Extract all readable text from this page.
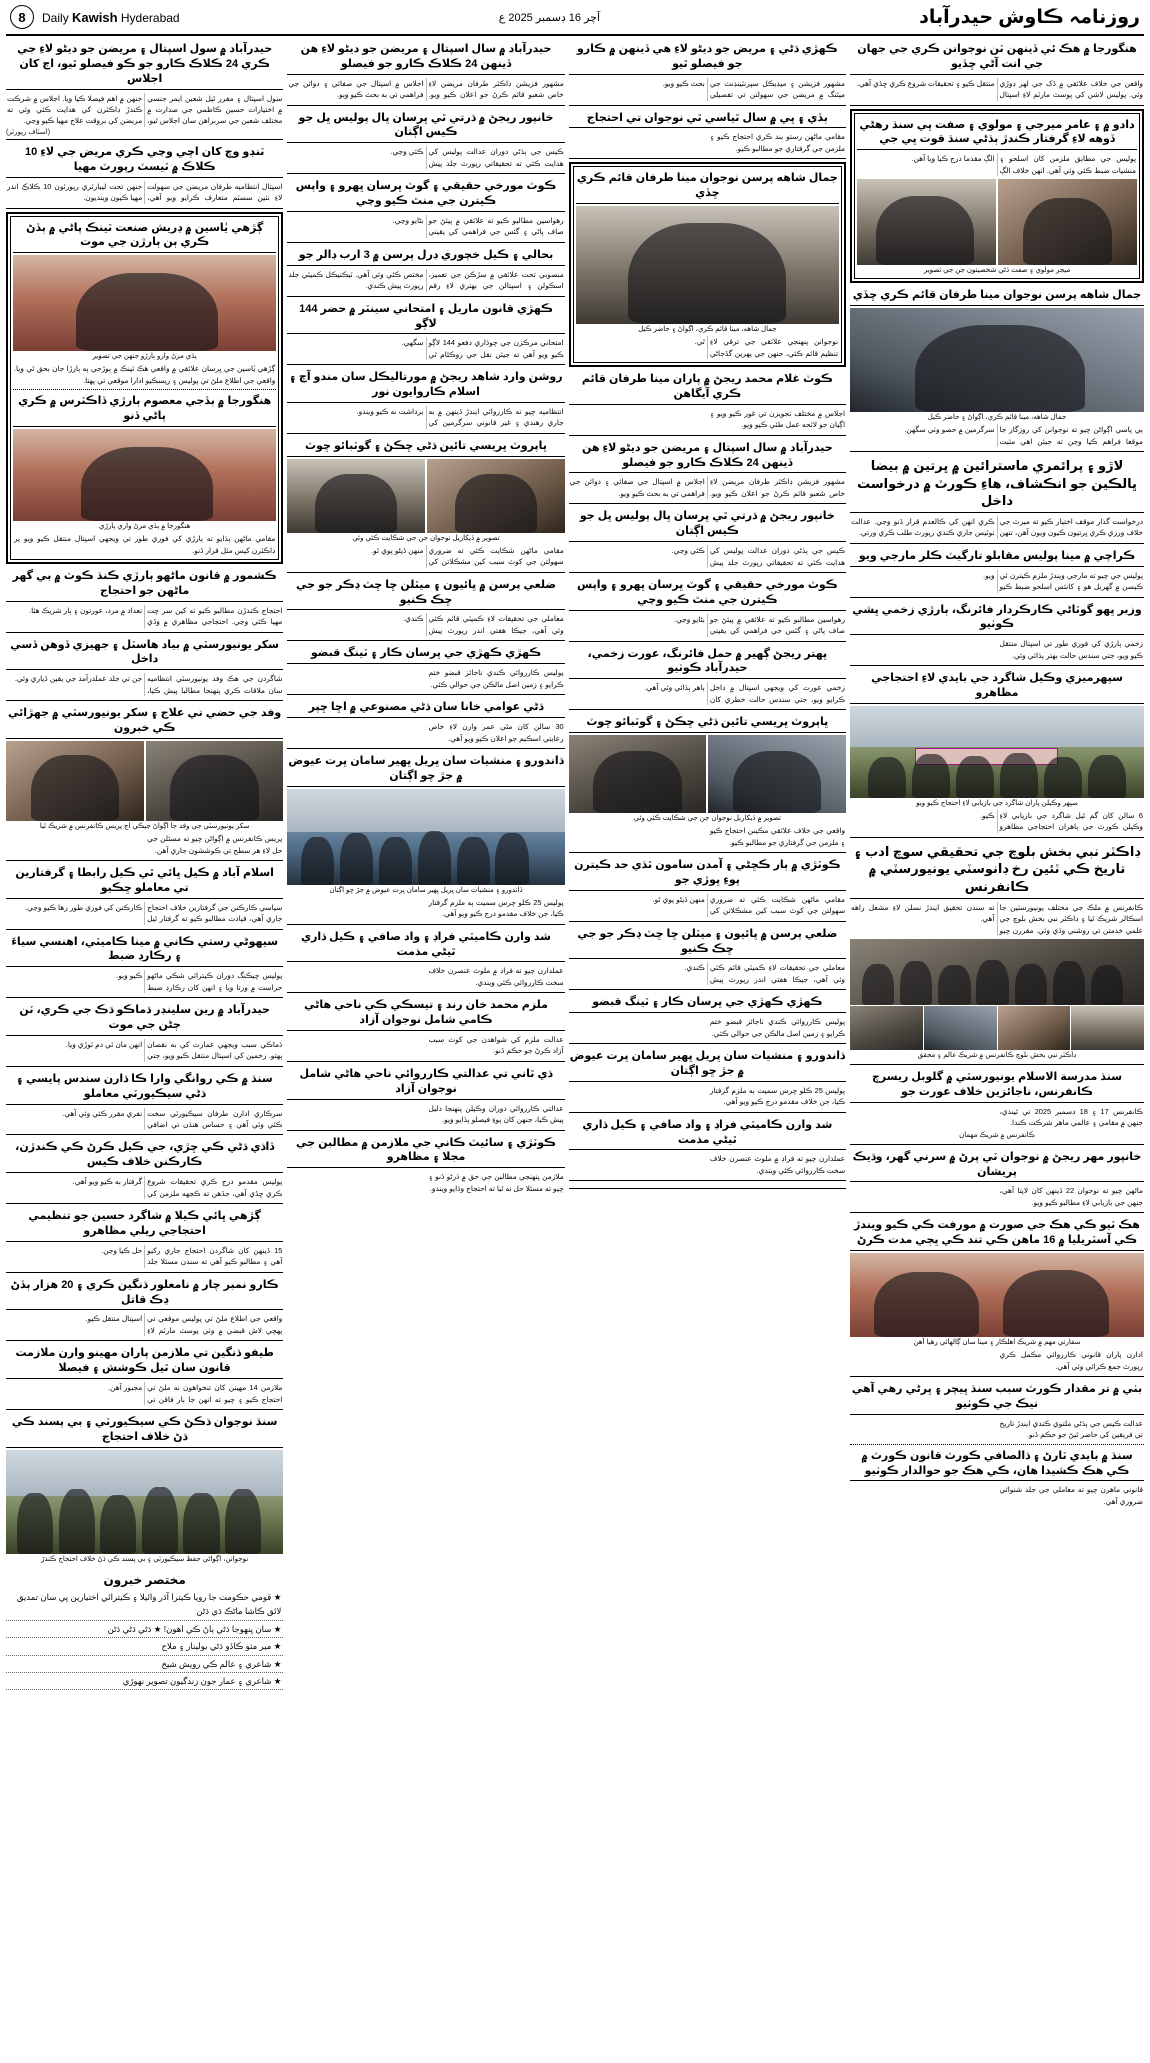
روزنامہ ڪاوش حيدرآباد
آچر 16 ڊسمبر 2025 ع
Daily Kawish Hyderabad
8
هنگورجا ۾ هڪ ئي ڏينهن ٽن نوجوانن ڪري جي جهان جي انت آڻي ڇڏيو
واقعن جي خلاف علائقي ۾ ڏک جي لهر ڊوڙي وئي. پوليس لاشن کي پوسٽ مارٽم لاءِ اسپتال منتقل ڪيو ۽ تحقيقات شروع ڪري ڇڏي آهي.
دادو ۾ ۽ عامر ميرجي ۽ مولوي ۽ صفت ڀي سنڌ رهڻي ڏوهه لاءِ گرفتار ڪندڙ ٻڌڻي سنڌ قوت ڀي جي
پوليس جي مطابق ملزمن کان اسلحو ۽ منشيات ضبط ڪئي وئي آهي. انهن خلاف الڳ الڳ مقدما درج ڪيا ويا آهن.
ميجر مولوي ۽ صفت ڌڻي شخصيتون جن جي تصوير
جمال شاهه پرسن نوجوان مينا طرفان قائم ڪري ڇڏي
جمال شاهه، مينا قائم ڪري، اڳواڻ ۽ حاضر ڪيل
ٻي پاسي اڳواڻن چيو ته نوجوانن کي روزگار جا موقعا فراهم ڪيا وڃن ته جيئن اهي مثبت سرگرمين ۾ حصو وٺي سگهن.
لاڙو ۽ پرائمري ماسترائين ۾ ڀرتين ۾ بيضا ڀالڪين جو انڪشاف، هاءِ ڪورٽ ۾ درخواست داخل
درخواست گذار موقف اختيار ڪيو ته ميرٽ جي خلاف ورزي ڪري ڀرتيون ڪيون ويون آهن، تنهن ڪري انهن کي ڪالعدم قرار ڏنو وڃي. عدالت نوٽيس جاري ڪندي رپورٽ طلب ڪري ورتي.
ڪراچي ۾ مينا پوليس مقابلو تارگيٽ ڪلر مارجي ويو
پوليس جي چيو ته مارجي ويندڙ ملزم ڪيترن ئي ڪيسن ۾ گهربل هو ۽ کانئس اسلحو ضبط ڪيو ويو.
وزير ڀهو گوٽاڻي ڪارڪردار فائرنگ، ٻارڙي زخمي ڀشي ڪوٺيو
زخمي ٻارڙي کي فوري طور تي اسپتال منتقل ڪيو ويو، جتي سندس حالت بهتر ٻڌائي وئي.
سپهرميزي وڪيل شاگرد جي بايدي لاءِ احتجاجي مظاهرو
سپهر وڪيلن پاران شاگرد جي بازيابي لاءِ احتجاج ڪيو ويو
6 سالن کان گم ٿيل شاگرد جي بازيابي لاءِ وڪيلن ڪورٽ جي ٻاهران احتجاجي مظاهرو ڪيو.
ڊاڪٽر نبي بخش بلوچ جي تحقيقي سوچ ادب ۽ تاريخ ڪي ٽئين رخ ڊانوسٽي يونيورسٽي ۾ ڪانفرنس
ڪانفرنس ۾ ملڪ جي مختلف يونيورسٽين جا اسڪالر شريڪ ٿيا ۽ ڊاڪٽر نبي بخش بلوچ جي علمي خدمتن تي روشني وڌي وئي. مقررن چيو ته سندن تحقيق ايندڙ نسلن لاءِ مشعل راهه آهي.
ڊاڪٽر نبي بخش بلوچ ڪانفرنس ۾ شريڪ عالم ۽ محقق
سنڌ مدرسة الاسلام يونيورسٽي ۾ گلوبل ريسرچ ڪانفرنس، ناجائزين خلاف عورت جو
ڪانفرنس 17 ۽ 18 ڊسمبر 2025 تي ٿيندي، جنهن ۾ مقامي ۽ عالمي ماهر شرڪت ڪندا.
ڪانفرنس ۾ شريڪ مهمان
خانپور مهر ريجڻ ۾ نوجوان ٽي پرڻ ۾ سرني گهر، وڌيڪ پريشان
ماڻهن چيو ته نوجوان 22 ڏينهن کان لاپتا آهي، جنهن جي بازيابي لاءِ مطالبو ڪيو ويو.
هڪ ٽيو ڪي هڪ جي صورت ۾ مورفت ڪي ڪيو ويندڙ ڪي آسٽريليا ۾ 16 ماهن ڪي تند ڪي ڀڄي مدت ڪرڻ
سفارتي مهم ۾ شريڪ اهلڪار ۽ مينا سان ڳالهائي رهيا آهن
ادارن پاران قانوني ڪارروائي مڪمل ڪري رپورٽ جمع ڪرائي وئي آهي.
بٺي ۾ تر مقدار ڪورٽ سبب سنڌ ڀيچر ۽ ڀرڻي رهي آهي نيڪ جي ڪوٺيو
عدالت ڪيس جي ٻڌڻي ملتوي ڪندي ايندڙ تاريخ تي فريقين کي حاضر ٿيڻ جو حڪم ڏنو.
سنڌ ۾ بايدي ٽارڻ ۽ ڌالصافي ڪورٽ قانون ڪورٽ ۾ ڪي هڪ ڪشيدا هان، ڪي هڪ جو حوالدار ڪوٺيو
قانوني ماهرن چيو ته معاملي جي جلد شنوائي ضروري آهي.
ڪهڙي ڌڻي ۽ مريض جو ديڻو لاءِ هي ڏينهن ۾ ڪارو جو فيصلو ٿيو
مشهور فزيشن ۽ ميڊيڪل سپرنٽينڊنٽ جي ميٽنگ ۾ مريضن جي سهولتن تي تفصيلي بحث ڪيو ويو.
ٻڏي ۽ ڀي ۾ سال ٿياسي ٿي نوجوان تي احتجاج
مقامي ماڻهن رستو بند ڪري احتجاج ڪيو ۽ ملزمن جي گرفتاري جو مطالبو ڪيو.
جمال شاهه پرسن نوجوان مينا طرفان قائم ڪري ڇڏي
جمال شاهه، مينا قائم ڪري، اڳواڻ ۽ حاضر ڪيل
نوجوانن پنهنجي علائقي جي ترقي لاءِ تنظيم قائم ڪئي، جنهن جي پهرين گڏجاڻي ٿي.
ڪوٽ غلام محمد ريجڻ ۾ پاران مينا طرفان قائم ڪري آيگاهن
اجلاس ۾ مختلف تجويزن تي غور ڪيو ويو ۽ اڳيان جو لائحه عمل طئي ڪيو ويو.
حيدرآباد ۾ سال اسپتال ۽ مريضن جو ديڻو لاءِ هن ڏينهن 24 ڪلاڪ ڪارو جو فيصلو
مشهور فزيشن ڊاڪٽر طرفان مريضن لاءِ خاص شعبو قائم ڪرڻ جو اعلان ڪيو ويو. اجلاس ۾ اسپتال جي صفائي ۽ دوائن جي فراهمي تي به بحث ڪيو ويو.
خانپور ريجڻ ۾ ڌرتي ٿي ڀرسان ڀال پوليس ڀل جو ڪيس اڳتان
ڪيس جي ٻڌڻي دوران عدالت پوليس کي هدايت ڪئي ته تحقيقاتي رپورٽ جلد پيش ڪئي وڃي.
ڪوٽ مورخي حقيقي ۽ گوٽ ڀرسان ڀهرو ۽ واپس ڪيترن جي منٿ ڪيو وڃي
رهواسين مطالبو ڪيو ته علائقي ۾ پيئڻ جو صاف پاڻي ۽ گئس جي فراهمي کي يقيني بڻايو وڃي.
ڀهتر ريجڻ ڳهير ۾ حمل فائرنگ، عورت زخمي، حيدرآباد ڪوٺيو
زخمي عورت کي ويجهي اسپتال ۾ داخل ڪرايو ويو، جتي سندس حالت خطري کان ٻاهر ٻڌائي وئي آهي.
ڀاپروٽ ڀريسي تائين ڌڻي ڇڪڻ ۽ گوٽبائو ڇوٽ
تصوير ۾ ڏيکاريل نوجوان جن جي شڪايت ڪئي وئي
واقعي جي خلاف علائقي مڪينن احتجاج ڪيو ۽ ملزمن جي گرفتاري جو مطالبو ڪيو.
ڪوٽڙي ۾ ٻار ڪڇڻي ۽ آمدن سامون ٿڌي حد ڪيترن پوءِ ڀوڙي جو
مقامي ماڻهن شڪايت ڪئي ته ضروري سهولتن جي کوٽ سبب کين مشڪلاتن کي منهن ڏيڻو پوي ٿو.
ضلعي پرسن ۾ ڀائيون ۽ ميٽلن ڇا ڇٽ ڍڪر جو جي ڇڪ ڪنيو
معاملي جي تحقيقات لاءِ ڪميٽي قائم ڪئي وئي آهي، جيڪا هفتي اندر رپورٽ پيش ڪندي.
ڪهڙي ڪهڙي جي ڀرسان ڪار ۽ ٽينگ قبضو
پوليس ڪارروائي ڪندي ناجائز قبضو ختم ڪرايو ۽ زمين اصل مالڪن جي حوالي ڪئي.
ڌاندورو ۽ منشيات سان ڀريل ڀهير سامان ڀرت عيوض ۾ جڙ ڇو اڳتان
پوليس 25 ڪلو چرس سميت ٻه ملزم گرفتار ڪيا، جن خلاف مقدمو درج ڪيو ويو آهي.
شد وارن ڪاميٽي فراڊ ۽ واد صافي ۽ ڪيل ڌاري ٿيڻي مذمت
عملدارن چيو ته فراڊ ۾ ملوث عنصرن خلاف سخت ڪارروائي ڪئي ويندي.
حيدرآباد ۾ سال اسپتال ۽ مريضن جو ديڻو لاءِ هن ڏينهن 24 ڪلاڪ ڪارو جو فيصلو
مشهور فزيشن ڊاڪٽر طرفان مريضن لاءِ خاص شعبو قائم ڪرڻ جو اعلان ڪيو ويو. اجلاس ۾ اسپتال جي صفائي ۽ دوائن جي فراهمي تي به بحث ڪيو ويو.
خانپور ريجڻ ۾ ڌرتي ٿي ڀرسان ڀال پوليس ڀل جو ڪيس اڳتان
ڪيس جي ٻڌڻي دوران عدالت پوليس کي هدايت ڪئي ته تحقيقاتي رپورٽ جلد پيش ڪئي وڃي.
ڪوٽ مورخي حقيقي ۽ گوٽ ڀرسان ڀهرو ۽ واپس ڪيترن جي منٿ ڪيو وڃي
رهواسين مطالبو ڪيو ته علائقي ۾ پيئڻ جو صاف پاڻي ۽ گئس جي فراهمي کي يقيني بڻايو وڃي.
بحالي ۽ ڪيل خچوري ڊرل پرسن ۾ 3 ارب ڊالر جو
منصوبي تحت علائقي ۾ سڙڪن جي تعمير، اسڪولن ۽ اسپتالن جي بهتري لاءِ رقم مختص ڪئي وئي آهي. ٽيڪنيڪل ڪميٽي جلد رپورٽ پيش ڪندي.
ڪهڙي قانون ماريل ۽ امتحاني سينٽر ۾ حضر 144 لاڳو
امتحاني مرڪزن جي چوڌاري دفعو 144 لاڳو ڪيو ويو آهي ته جيئن نقل جي روڪٿام ٿي سگهي.
روشن وارد شاهد ريجڻ ۾ مورتاليڪل سان مندو آڇ ۽ اسلام ڪاروايون نور
انتظاميه چيو ته ڪارروائي ايندڙ ڏينهن ۾ به جاري رهندي ۽ غير قانوني سرگرمين کي برداشت نه ڪيو ويندو.
ڀاپروٽ ڀريسي تائين ڌڻي ڇڪڻ ۽ گوٽبائو ڇوٽ
تصوير ۾ ڏيکاريل نوجوان جن جي شڪايت ڪئي وئي
مقامي ماڻهن شڪايت ڪئي ته ضروري سهولتن جي کوٽ سبب کين مشڪلاتن کي منهن ڏيڻو پوي ٿو.
ضلعي پرسن ۾ ڀائيون ۽ ميٽلن ڇا ڇٽ ڍڪر جو جي ڇڪ ڪنيو
معاملي جي تحقيقات لاءِ ڪميٽي قائم ڪئي وئي آهي، جيڪا هفتي اندر رپورٽ پيش ڪندي.
ڪهڙي ڪهڙي جي ڀرسان ڪار ۽ ٽينگ قبضو
پوليس ڪارروائي ڪندي ناجائز قبضو ختم ڪرايو ۽ زمين اصل مالڪن جي حوالي ڪئي.
ڌڻي عوامي خانا سان ڌڻي مصنوعي ۾ اڇا ڇپر
30 سالن کان مٿي عمر وارن لاءِ خاص رعايتي اسڪيم جو اعلان ڪيو ويو آهي.
ڌاندورو ۽ منشيات سان ڀريل ڀهير سامان ڀرت عيوض ۾ جڙ ڇو اڳتان
ڌاندورو ۽ منشيات سان ڀريل ڀهير سامان ڀرت عيوض ۾ جڙ ڇو اڳتان
پوليس 25 ڪلو چرس سميت ٻه ملزم گرفتار ڪيا، جن خلاف مقدمو درج ڪيو ويو آهي.
شد وارن ڪاميٽي فراڊ ۽ واد صافي ۽ ڪيل ڌاري ٿيڻي مذمت
عملدارن چيو ته فراڊ ۾ ملوث عنصرن خلاف سخت ڪارروائي ڪئي ويندي.
ملزم محمد خان رند ۽ تيسڪي ڪي ناحي هاڻي ڪامي شامل نوجوان آزاد
عدالت ملزم کي شواهدن جي کوٽ سبب آزاد ڪرڻ جو حڪم ڏنو.
ڌي ٿاني تي عدالتي ڪارروائي ناحي هاڻي شامل نوجوان آزاد
عدالتي ڪارروائي دوران وڪيلن پنهنجا دليل پيش ڪيا، جنهن کان پوءِ فيصلو ٻڌايو ويو.
ڪوٽڙي ۽ سائيٽ ڪاني جي ملازمن ۾ مطالبن جي مجلا ۽ مظاهرو
ملازمن پنهنجي مطالبن جي حق ۾ ڌرڻو ڏنو ۽ چيو ته مسئلا حل نه ٿيا ته احتجاج وڌايو ويندو.
حيدرآباد ۾ سول اسپتال ۽ مريضن جو ديڻو لاءِ جي ڪري 24 ڪلاڪ ڪارو جو ڪو فيصلو ٿيو، اڄ کان اجلاس
سول اسپتال ۽ مقرر ٿيل شعبن ايمر جنسي ۾ اختيارات حسين ڪاظمي جي صدارت ۾ مختلف شعبن جي سربراهن سان اجلاس ٿيو، جنهن ۾ اهم فيصلا ڪيا ويا. اجلاس ۾ شرڪت ڪندڙ ڊاڪٽرن کي هدايت ڪئي وئي ته مريضن کي بروقت علاج مهيا ڪيو وڃي.
(اسٽاف رپورٽر)
ٽنڊو وچ کان اچي وڃي ڪري مريض جي لاءِ 10 ڪلاڪ ۾ ٽيسٽ رپورٽ مهيا
اسپتال انتظاميه طرفان مريضن جي سهولت لاءِ نئين سسٽم متعارف ڪرايو ويو آهي، جنهن تحت ليبارٽري رپورٽون 10 ڪلاڪ اندر مهيا ڪيون وينديون.
ڳڙهي يٰاسين ۾ ڍريش صنعت ٽينڪ پاڻي ۾ ٻڏڻ ڪري ٻن ٻارڙن جي موت
ٻڏي مرڻ وارو ٻارڙو جنهن جي تصوير
ڳڙهي يٰاسين جي ڀرسان علائقي ۾ واقعي هڪ ٽينڪ ۾ ٻوڙجي ٻه ٻارڙا جان بحق ٿي ويا. واقعي جي اطلاع ملڻ تي پوليس ۽ ريسڪيو ادارا موقعي تي پهتا.
هنگورجا ۾ ٻڏجي معصوم ٻارڙي ڏاڪٽرس ۾ ڪري پاڻي ڏنو
هنگورجا ۾ ٻڏي مرڻ واري ٻارڙي
مقامي ماڻهن ٻڌايو ته ٻارڙي کي فوري طور تي ويجهي اسپتال منتقل ڪيو ويو پر ڊاڪٽرن کيس مئل قرار ڏنو.
ڪشمور ۾ قانون ماڻهو ٻارڙي ڪنڌ ڪوٽ ۾ بي گهر ماڻهن جو احتجاج
احتجاج ڪندڙن مطالبو ڪيو ته کين سر ڇت مهيا ڪئي وڃي. احتجاجي مظاهري ۾ وڏي تعداد ۾ مرد، عورتون ۽ ٻار شريڪ هئا.
سکر يونيورسٽي ۾ بياد هاسٽل ۽ جهيزي ڏوهن ڏسي داخل
شاگردن جي هڪ وفد يونيورسٽي انتظاميه سان ملاقات ڪري پنهنجا مطالبا پيش ڪيا، جن تي جلد عملدرآمد جي يقين ڏياري وئي.
وفد جي حضي تي علاج ۽ سکر يونيورسٽي ۾ جهڙائي ڪي خبرون
سکر يونيورسٽي جي وفد جا اڳواڻ جيڪي اڄ پريس ڪانفرنس ۾ شريڪ ٿيا
پريس ڪانفرنس ۾ اڳواڻن چيو ته مسئلن جي حل لاءِ هر سطح تي ڪوششون جاري آهن.
اسلام آباد ۾ ڪيل ڀائي ٿي ڪيل رابطا ۽ گرفتارين تي معاملو ڇڪيو
سياسي ڪارڪنن جي گرفتارين خلاف احتجاج جاري آهي، قيادت مطالبو ڪيو ته گرفتار ٿيل ڪارڪنن کي فوري طور رها ڪيو وڃي.
سيهوڻي رستي ڪاني ۾ مينا ڪاميٽي، اهنسي سياءَ ۽ رڪارڊ ضبط
پوليس چيڪنگ دوران ڪيترائي شڪي ماڻهو حراست ۾ ورتا ويا ۽ انهن کان رڪارڊ ضبط ڪيو ويو.
حيدرآباد ۾ رين سلينڊر ڌماڪو ڌڪ جي ڪري، ٽن ڄڻن جي موت
ڌماڪي سبب ويجهي عمارت کي به نقصان پهتو. زخمين کي اسپتال منتقل ڪيو ويو، جتي انهن مان ٽي دم ٽوڙي ويا.
سنڌ ۾ ڪي روانگي وارا ڪا ڌارن سندس پايسي ۽ ڌڻي سيڪيورٽي معاملو
سرڪاري ادارن طرفان سيڪيورٽي سخت ڪئي وئي آهي ۽ حساس هنڌن تي اضافي نفري مقرر ڪئي وئي آهي.
ڏاڌي ڌڻي ڪي ڇڙي، جي ڪيل ڪرڻ ڪي ڪندڙن، ڪارڪنن خلاف ڪيس
پوليس مقدمو درج ڪري تحقيقات شروع ڪري ڇڏي آهي، جڏهن ته ڪجهه ملزمن کي گرفتار به ڪيو ويو آهي.
ڳڙهي ڀائي ڪيلا ۾ شاگرد حسين جو تنظيمي احتجاجي ريلي مظاهرو
15 ڏينهن کان شاگردن احتجاج جاري رکيو آهي ۽ مطالبو ڪيو آهي ته سندن مسئلا جلد حل ڪيا وڃن.
ڪارو نمبر چار ۾ نامعلور ڌنگين ڪري ۽ 20 هزار ٻڏڻ ڍڪ قاتل
واقعي جي اطلاع ملڻ تي پوليس موقعي تي پهچي لاش قبضي ۾ وٺي پوسٽ مارٽم لاءِ اسپتال منتقل ڪيو.
طيفو ڌنگين تي ملازمن پاران مهينو وارن ملازمت قانون سان ٿيل ڪوشش ۽ فيصلا
ملازمن 14 مهينن کان تنخواهون نه ملڻ تي احتجاج ڪيو ۽ چيو ته انهن جا ٻار فاقن تي مجبور آهن.
سنڌ نوجوان ڌڪڻ ڪي سيڪيورٽي ۽ بي پسند ڪي ڌڻ خلاف احتجاج
نوجوانن، اڳواڻي حفظ سيڪيورٽي ۽ بي پسند ڪي ڌڻ خلاف احتجاج ڪندڙ
مختصر خبرون
★ قومي حڪومت جا رويا ڪيترا آڌر وائيلا ۽ ڪيترائي اختيارين ڀي سان تمديق لائق ڪاشا ماڻڪ ڌي ڌڻن
★ سان ڀنهوجا ڌڻي ٻاڻ ڪي اهون! ★ ڌڻي ڌڻي ڌڻن
★ مير مٺو ڪاڏو ڌڻي بولينار ۽ ملاح
★ شاعري ۽ عالم ڪي رويش شيخ
★ شاعري ۽ عمار جون زندگيون تصوير نهوڙي
